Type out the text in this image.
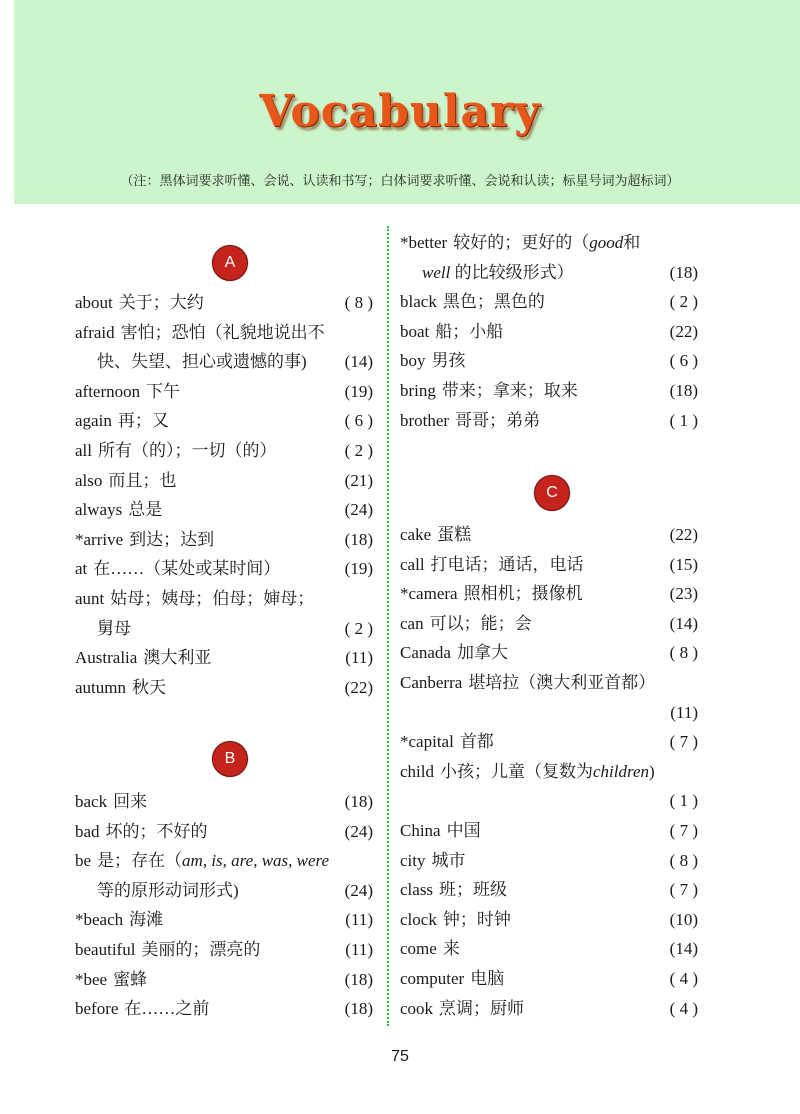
Vocabulary
（注：黑体词要求听懂、会说、认读和书写；白体词要求听懂、会说和认读；标星号词为超标词）
A
B
C
about 关于；大约	( 8 )
afraid 害怕；恐怕（礼貌地说出不
快、失望、担心或遗憾的事) (14)
afternoon 下午	(19)
again 再；又	( 6 )
all 所有（的）；一切（的）	( 2 )
also 而且；也	(21)
always 总是	(24)
*arrive 到达；达到	(18)
at 在……（某处或某时间）	(19)
aunt 姑母；姨母；伯母；婶母；
舅母	( 2 )
Australia 澳大利亚	(11)
autumn 秋天	(22)
back 回来	(18)
bad 坏的；不好的	(24)
be 是；存在（am, is, are, was, were
等的原形动词形式)	(24)
*beach 海滩	(11)
beautiful 美丽的；漂亮的	(11)
*bee 蜜蜂	(18)
before 在……之前	(18)
*better 较好的；更好的（good和
well 的比较级形式）	(18)
black 黑色；黑色的	( 2 )
boat 船；小船	(22)
boy 男孩	( 6 )
bring 带来；拿来；取来	(18)
brother 哥哥；弟弟	( 1 )
cake 蛋糕	(22)
call 打电话；通话，电话	(15)
*camera 照相机；摄像机	(23)
can 可以；能；会	(14)
Canada 加拿大	( 8 )
Canberra 堪培拉（澳大利亚首都）
(11)
*capital 首都	( 7 )
child 小孩；儿童（复数为children)
( 1 )
China 中国	( 7 )
city 城市	( 8 )
class 班；班级	( 7 )
clock 钟；时钟	(10)
come 来	(14)
computer 电脑	( 4 )
cook 烹调；厨师	( 4 )
75
